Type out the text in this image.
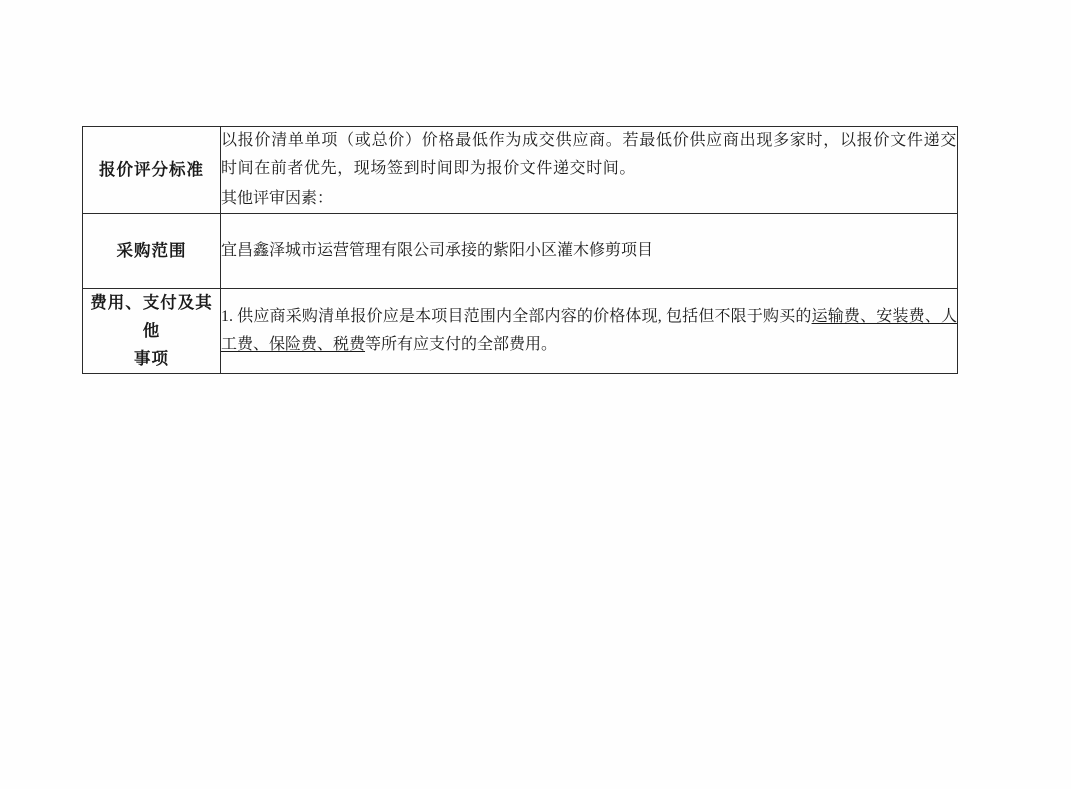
报价评分标准	以报价清单单项（或总价）价格最低作为成交供应商。若最低价供应商出现多家时，以报价文件递交时间在前者优先，现场签到时间即为报价文件递交时间。

其他评审因素：

采购范围	宜昌鑫泽城市运营管理有限公司承接的紫阳小区灌木修剪项目

费用、支付及其他
事项	1. 供应商采购清单报价应是本项目范围内全部内容的价格体现, 包括但不限于购买的运输费、安装费、人工费、保险费、税费等所有应支付的全部费用。
